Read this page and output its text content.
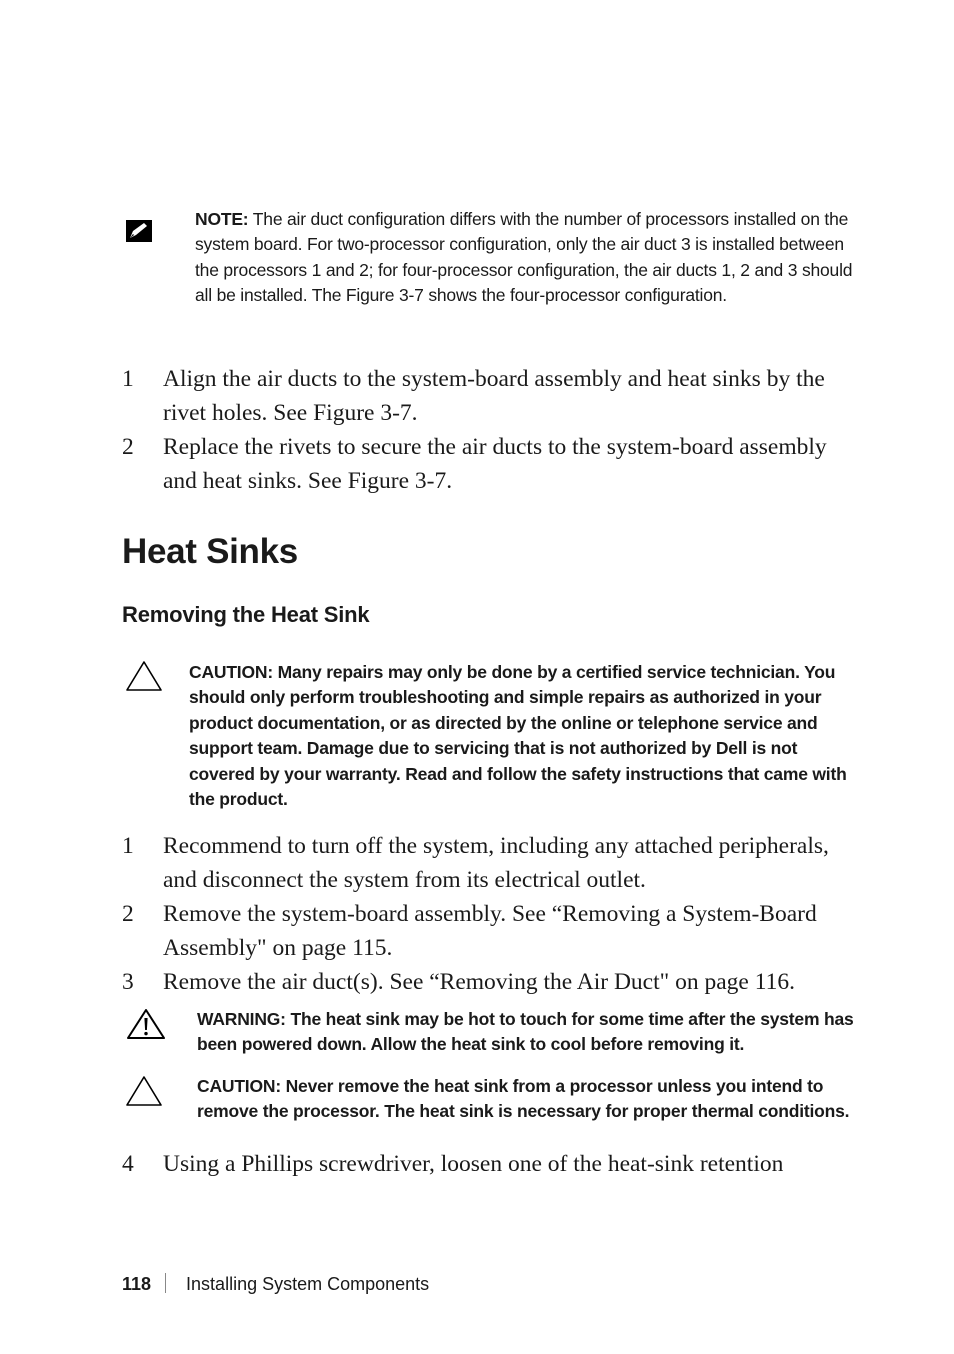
NOTE: The air duct configuration differs with the number of processors installed on the system board. For two-processor configuration, only the air duct 3 is installed between the processors 1 and 2; for four-processor configuration, the air ducts 1, 2 and 3 should all be installed. The Figure 3-7 shows the four-processor configuration.
1 Align the air ducts to the system-board assembly and heat sinks by the rivet holes. See Figure 3-7.
2 Replace the rivets to secure the air ducts to the system-board assembly and heat sinks. See Figure 3-7.
Heat Sinks
Removing the Heat Sink
CAUTION: Many repairs may only be done by a certified service technician. You should only perform troubleshooting and simple repairs as authorized in your product documentation, or as directed by the online or telephone service and support team. Damage due to servicing that is not authorized by Dell is not covered by your warranty. Read and follow the safety instructions that came with the product.
1 Recommend to turn off the system, including any attached peripherals, and disconnect the system from its electrical outlet.
2 Remove the system-board assembly. See “Removing a System-Board Assembly" on page 115.
3 Remove the air duct(s). See “Removing the Air Duct" on page 116.
WARNING: The heat sink may be hot to touch for some time after the system has been powered down. Allow the heat sink to cool before removing it.
CAUTION: Never remove the heat sink from a processor unless you intend to remove the processor. The heat sink is necessary for proper thermal conditions.
4 Using a Phillips screwdriver, loosen one of the heat-sink retention
118 Installing System Components
